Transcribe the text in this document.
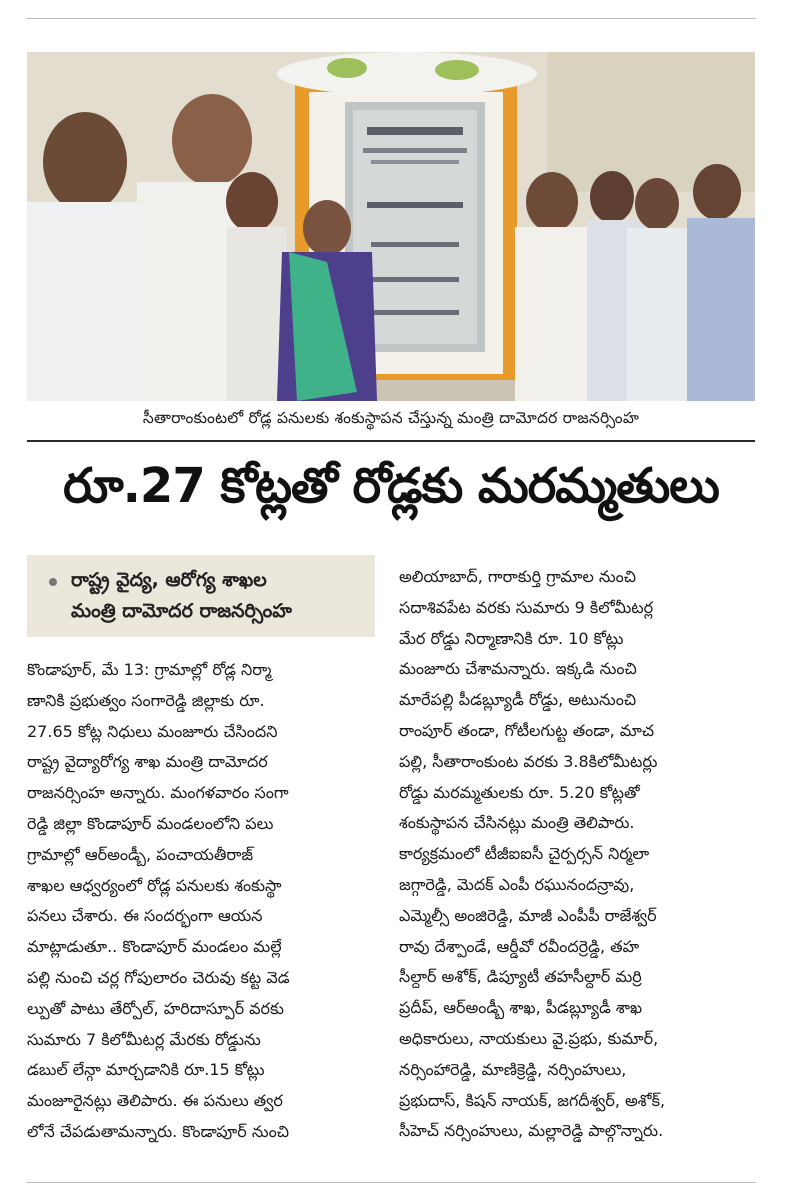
సీతారాంకుంటలో రోడ్ల పనులకు శంకుస్థాపన చేస్తున్న మంత్రి దామోదర రాజనర్సింహ
రూ.27 కోట్లతో రోడ్లకు మరమ్మతులు
రాష్ట్ర వైద్య, ఆరోగ్య శాఖల
మంత్రి దామోదర రాజనర్సింహ

కొండాపూర్, మే 13: గ్రామాల్లో రోడ్ల నిర్మా

ణానికి ప్రభుత్వం సంగారెడ్డి జిల్లాకు రూ.

27.65 కోట్ల నిధులు మంజూరు చేసిందని

రాష్ట్ర వైద్యారోగ్య శాఖ మంత్రి దామోదర

రాజనర్సింహ అన్నారు. మంగళవారం సంగా

రెడ్డి జిల్లా కొండాపూర్ మండలంలోని పలు

గ్రామాల్లో ఆర్అండ్బీ, పంచాయతీరాజ్

శాఖల ఆధ్వర్యంలో రోడ్ల పనులకు శంకుస్థా

పనలు చేశారు. ఈ సందర్భంగా ఆయన

మాట్లాడుతూ.. కొండాపూర్ మండలం మల్లే

పల్లి నుంచి చర్ల గోపులారం చెరువు కట్ట వెడ

ల్పుతో పాటు తేర్పోల్, హరిదాస్పూర్ వరకు

సుమారు 7 కిలోమీటర్ల మేరకు రోడ్డును

డబుల్ లేన్గా మార్చడానికి రూ.15 కోట్లు

మంజూరైనట్లు తెలిపారు. ఈ పనులు త్వర

లోనే చేపడుతామన్నారు. కొండాపూర్ నుంచి

అలియాబాద్, గారాకుర్తి గ్రామాల నుంచి

సదాశివపేట వరకు సుమారు 9 కిలోమీటర్ల

మేర రోడ్డు నిర్మాణానికి రూ. 10 కోట్లు

మంజూరు చేశామన్నారు. ఇక్కడి నుంచి

మారేపల్లి పీడబ్ల్యూడీ రోడ్డు, అటునుంచి

రాంపూర్ తండా, గోటీలగుట్ట తండా, మాచ

పల్లి, సీతారాంకుంట వరకు 3.8కిలోమీటర్లు

రోడ్డు మరమ్మతులకు రూ. 5.20 కోట్లతో

శంకుస్థాపన చేసినట్లు మంత్రి తెలిపారు.

కార్యక్రమంలో టీజీఐఐసీ చైర్పర్సన్ నిర్మలా

జగ్గారెడ్డి, మెదక్ ఎంపీ రఘునందన్రావు,

ఎమ్మెల్సీ అంజిరెడ్డి, మాజీ ఎంపీపీ రాజేశ్వర్

రావు దేశ్పాండే, ఆర్డీవో రవీందర్రెడ్డి, తహ

సీల్దార్ అశోక్, డిప్యూటీ తహసీల్దార్ మర్రి

ప్రదీప్, ఆర్అండ్బీ శాఖ, పీడబ్ల్యూడీ శాఖ

అధికారులు, నాయకులు వై.ప్రభు, కుమార్,

నర్సింహారెడ్డి, మాణిక్రెడ్డి, నర్సింహులు,

ప్రభుదాస్, కిషన్ నాయక్, జగదీశ్వర్, అశోక్,

సీహెచ్ నర్సింహులు, మల్లారెడ్డి పాల్గొన్నారు.
